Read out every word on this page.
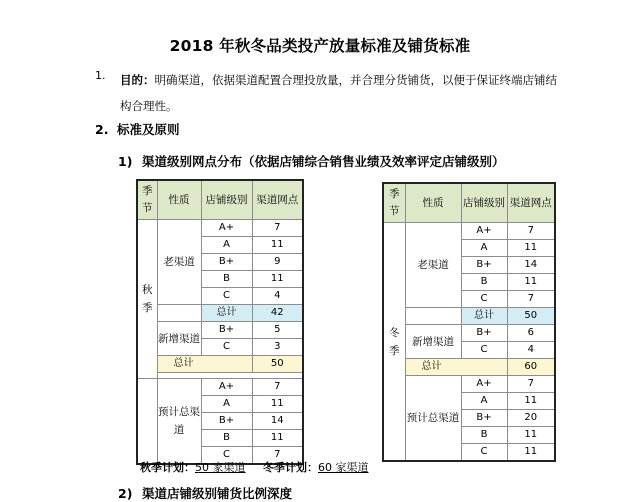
2018 年秋冬品类投产放量标准及铺货标准
1. 目的：明确渠道，依据渠道配置合理投放量，并合理分货铺货，以便于保证终端店铺结构合理性。
2. 标准及原则
1) 渠道级别网点分布（依据店铺综合销售业绩及效率评定店铺级别）
季节	性质	店铺级别	渠道网点
秋季	老渠道	A+	7
		A	11
		B+	9
		B	11
		C	4
		总计	42
	新增渠道	B+	5
		C	3
	总计		50

	预计总渠道	A+	7
		A	11
		B+	14
		B	11
		C	7
季节	性质	店铺级别	渠道网点
冬季	老渠道	A+	7
		A	11
		B+	14
		B	11
		C	7
		总计	50
	新增渠道	B+	6
		C	4
	总计		60
	预计总渠道	A+	7
		A	11
		B+	20
		B	11
		C	11
秋季计划：50 家渠道 冬季计划：60 家渠道
2) 渠道店铺级别铺货比例深度
